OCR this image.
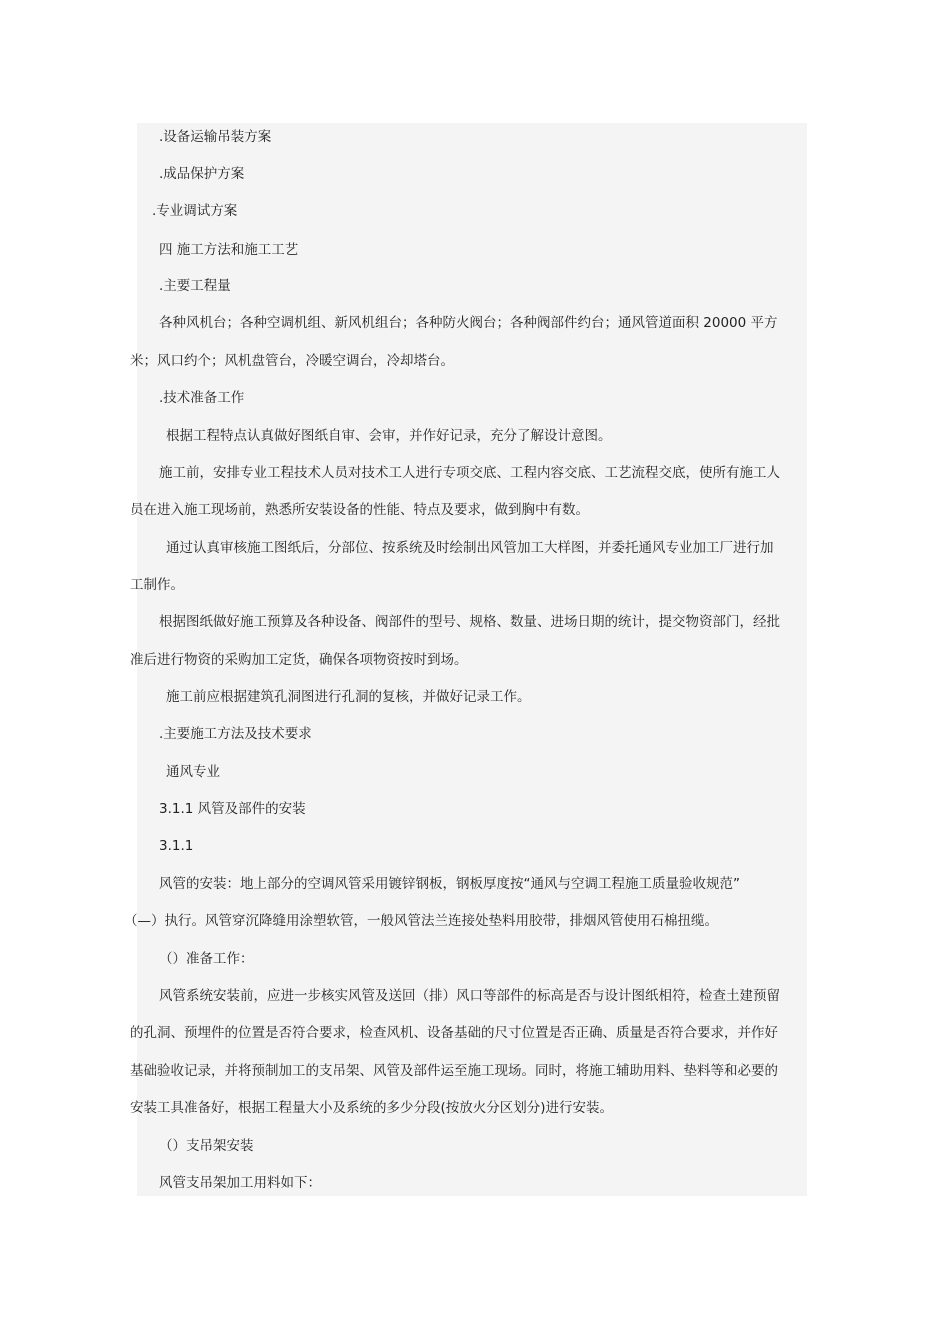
.设备运输吊装方案

.成品保护方案

.专业调试方案

四 施工方法和施工工艺

.主要工程量

各种风机台；各种空调机组、新风机组台；各种防火阀台；各种阀部件约台；通风管道面积 20000 平方

米；风口约个；风机盘管台，冷暖空调台，冷却塔台。

.技术准备工作

根据工程特点认真做好图纸自审、会审，并作好记录，充分了解设计意图。

施工前，安排专业工程技术人员对技术工人进行专项交底、工程内容交底、工艺流程交底，使所有施工人

员在进入施工现场前，熟悉所安装设备的性能、特点及要求，做到胸中有数。

通过认真审核施工图纸后，分部位、按系统及时绘制出风管加工大样图，并委托通风专业加工厂进行加

工制作。

根据图纸做好施工预算及各种设备、阀部件的型号、规格、数量、进场日期的统计，提交物资部门，经批

准后进行物资的采购加工定货，确保各项物资按时到场。

施工前应根据建筑孔洞图进行孔洞的复核，并做好记录工作。

.主要施工方法及技术要求

通风专业

3.1.1 风管及部件的安装

3.1.1

风管的安装：地上部分的空调风管采用镀锌钢板，钢板厚度按“通风与空调工程施工质量验收规范”

（—）执行。风管穿沉降缝用涂塑软管，一般风管法兰连接处垫料用胶带，排烟风管使用石棉扭缆。

（）准备工作：

风管系统安装前，应进一步核实风管及送回（排）风口等部件的标高是否与设计图纸相符，检查土建预留

的孔洞、预埋件的位置是否符合要求，检查风机、设备基础的尺寸位置是否正确、质量是否符合要求，并作好

基础验收记录，并将预制加工的支吊架、风管及部件运至施工现场。同时，将施工辅助用料、垫料等和必要的

安装工具准备好，根据工程量大小及系统的多少分段(按放火分区划分)进行安装。

（）支吊架安装

风管支吊架加工用料如下：
